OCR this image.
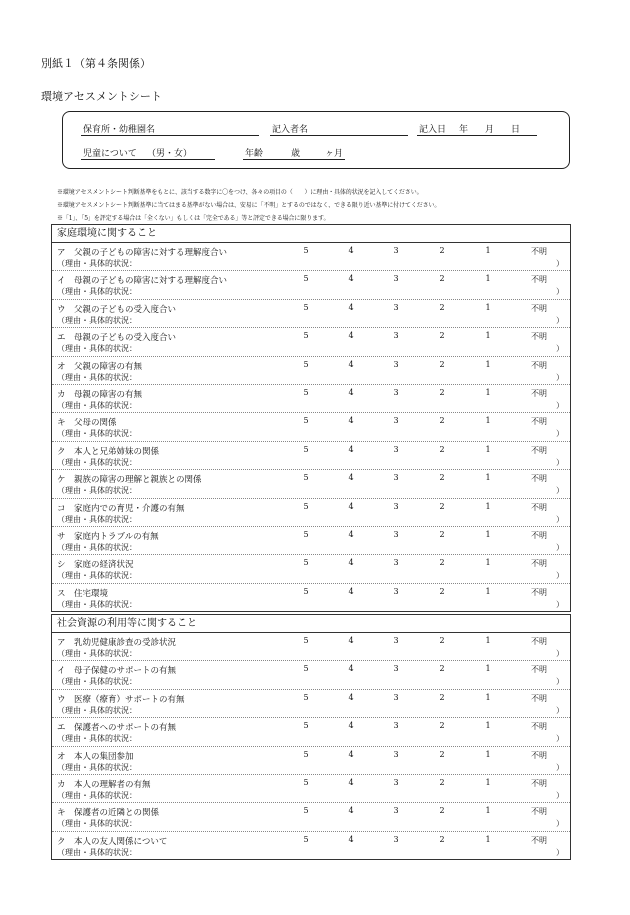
別紙１（第４条関係）
環境アセスメントシート
保育所・幼稚園名	記入者名	記入日 年 月 日
児童について （男・女）	年齢	歳	ヶ月
※環境アセスメントシート判断基準をもとに、該当する数字に〇をつけ、各々の項目の（　　）に理由・具体的状況を記入してください。
※環境アセスメントシート判断基準に当てはまる基準がない場合は、安易に「不明」とするのではなく、できる限り近い基準に付けてください。
※「1」、「5」を評定する場合は「全くない」もしくは「完全である」等と評定できる場合に限ります。
家庭環境に関すること
ア　父親の子どもの障害に対する理解度合い	5	4	3	2	1	不明
（理由・具体的状況：	）
イ　母親の子どもの障害に対する理解度合い	5	4	3	2	1	不明
（理由・具体的状況：	）
ウ　父親の子どもの受入度合い	5	4	3	2	1	不明
（理由・具体的状況：	）
エ　母親の子どもの受入度合い	5	4	3	2	1	不明
（理由・具体的状況：	）
オ　父親の障害の有無	5	4	3	2	1	不明
（理由・具体的状況：	）
カ　母親の障害の有無	5	4	3	2	1	不明
（理由・具体的状況：	）
キ　父母の関係	5	4	3	2	1	不明
（理由・具体的状況：	）
ク　本人と兄弟姉妹の関係	5	4	3	2	1	不明
（理由・具体的状況：	）
ケ　親族の障害の理解と親族との関係	5	4	3	2	1	不明
（理由・具体的状況：	）
コ　家庭内での育児・介護の有無	5	4	3	2	1	不明
（理由・具体的状況：	）
サ　家庭内トラブルの有無	5	4	3	2	1	不明
（理由・具体的状況：	）
シ　家庭の経済状況	5	4	3	2	1	不明
（理由・具体的状況：	）
ス　住宅環境	5	4	3	2	1	不明
（理由・具体的状況：	）
社会資源の利用等に関すること
ア　乳幼児健康診査の受診状況	5	4	3	2	1	不明
（理由・具体的状況：	）
イ　母子保健のサポートの有無	5	4	3	2	1	不明
（理由・具体的状況：	）
ウ　医療（療育）サポートの有無	5	4	3	2	1	不明
（理由・具体的状況：	）
エ　保護者へのサポートの有無	5	4	3	2	1	不明
（理由・具体的状況：	）
オ　本人の集団参加	5	4	3	2	1	不明
（理由・具体的状況：	）
カ　本人の理解者の有無	5	4	3	2	1	不明
（理由・具体的状況：	）
キ　保護者の近隣との関係	5	4	3	2	1	不明
（理由・具体的状況：	）
ク　本人の友人関係について	5	4	3	2	1	不明
（理由・具体的状況：	）
